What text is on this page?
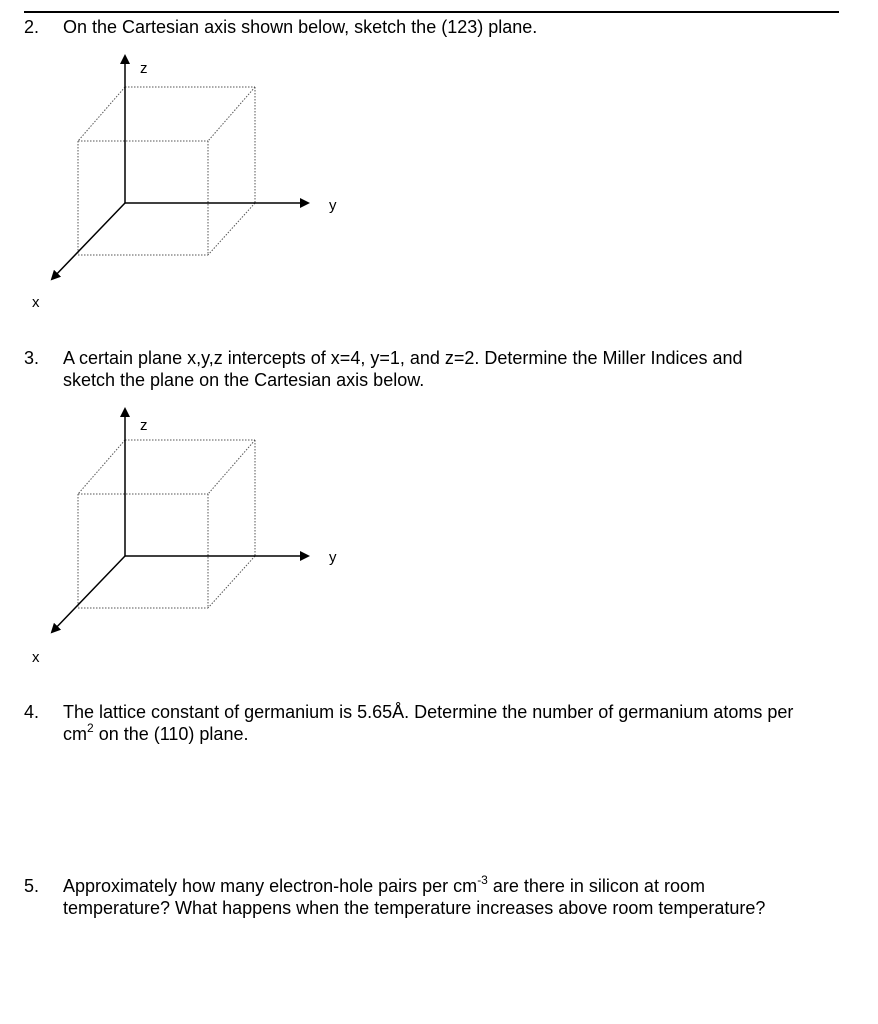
2. On the Cartesian axis shown below, sketch the (123) plane.
z
y
x
3. A certain plane x,y,z intercepts of x=4, y=1, and z=2. Determine the Miller Indices and
sketch the plane on the Cartesian axis below.
z
y
x
4. The lattice constant of germanium is 5.65Å. Determine the number of germanium atoms per
$cm^2$ on the (110) plane.
5. Approximately how many electron-hole pairs per $cm^{-3}$ are there in silicon at room
temperature? What happens when the temperature increases above room temperature?
